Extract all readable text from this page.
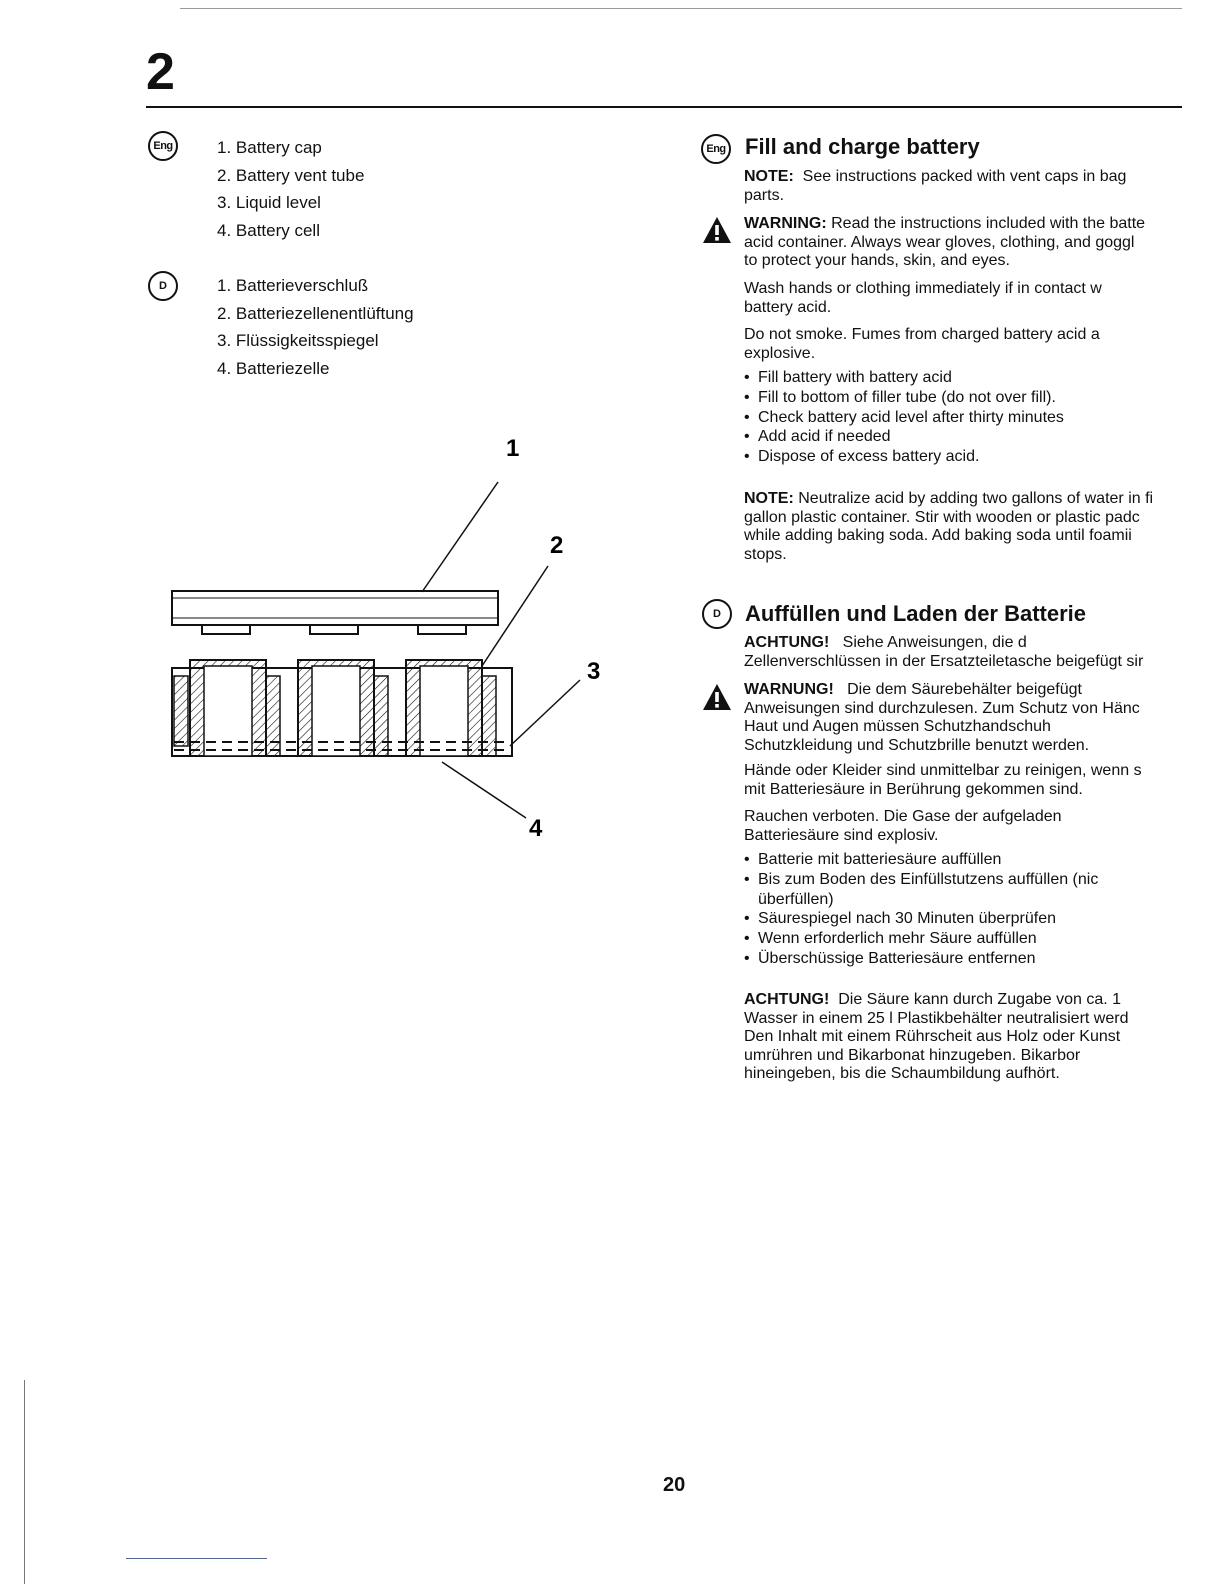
2
Eng	1. Battery cap
2. Battery vent tube
3. Liquid level
4. Battery cell
D	1. Batterieverschluß
2. Batteriezellenentlüftung
3. Flüssigkeitsspiegel
4. Batteriezelle
1
2
3
4
Eng Fill and charge battery

NOTE: See instructions packed with vent caps in bag

parts.

WARNING: Read the instructions included with the batte

acid container. Always wear gloves, clothing, and goggl

to protect your hands, skin, and eyes.

Wash hands or clothing immediately if in contact w

battery acid.

Do not smoke. Fumes from charged battery acid a

explosive.

• Fill battery with battery acid
• Fill to bottom of filler tube (do not over fill).
• Check battery acid level after thirty minutes
• Add acid if needed
• Dispose of excess battery acid.

NOTE: Neutralize acid by adding two gallons of water in fi

gallon plastic container. Stir with wooden or plastic padc

while adding baking soda. Add baking soda until foamii

stops.

D	Auffüllen und Laden der Batterie

ACHTUNG! Siehe Anweisungen, die d

Zellenverschlüssen in der Ersatzteiletasche beigefügt sir

WARNUNG! Die dem Säurebehälter beigefügt

Anweisungen sind durchzulesen. Zum Schutz von Hänc

Haut und Augen müssen Schutzhandschuh

Schutzkleidung und Schutzbrille benutzt werden.

Hände oder Kleider sind unmittelbar zu reinigen, wenn s

mit Batteriesäure in Berührung gekommen sind.

Rauchen verboten. Die Gase der aufgeladen

Batteriesäure sind explosiv.

• Batterie mit batteriesäure auffüllen
• Bis zum Boden des Einfüllstutzens auffüllen (nic
überfüllen)
• Säurespiegel nach 30 Minuten überprüfen
• Wenn erforderlich mehr Säure auffüllen
• Überschüssige Batteriesäure entfernen

ACHTUNG! Die Säure kann durch Zugabe von ca. 1

Wasser in einem 25 l Plastikbehälter neutralisiert werd

Den Inhalt mit einem Rührscheit aus Holz oder Kunst

umrühren und Bikarbonat hinzugeben. Bikarbor

hineingeben, bis die Schaumbildung aufhört.

20
